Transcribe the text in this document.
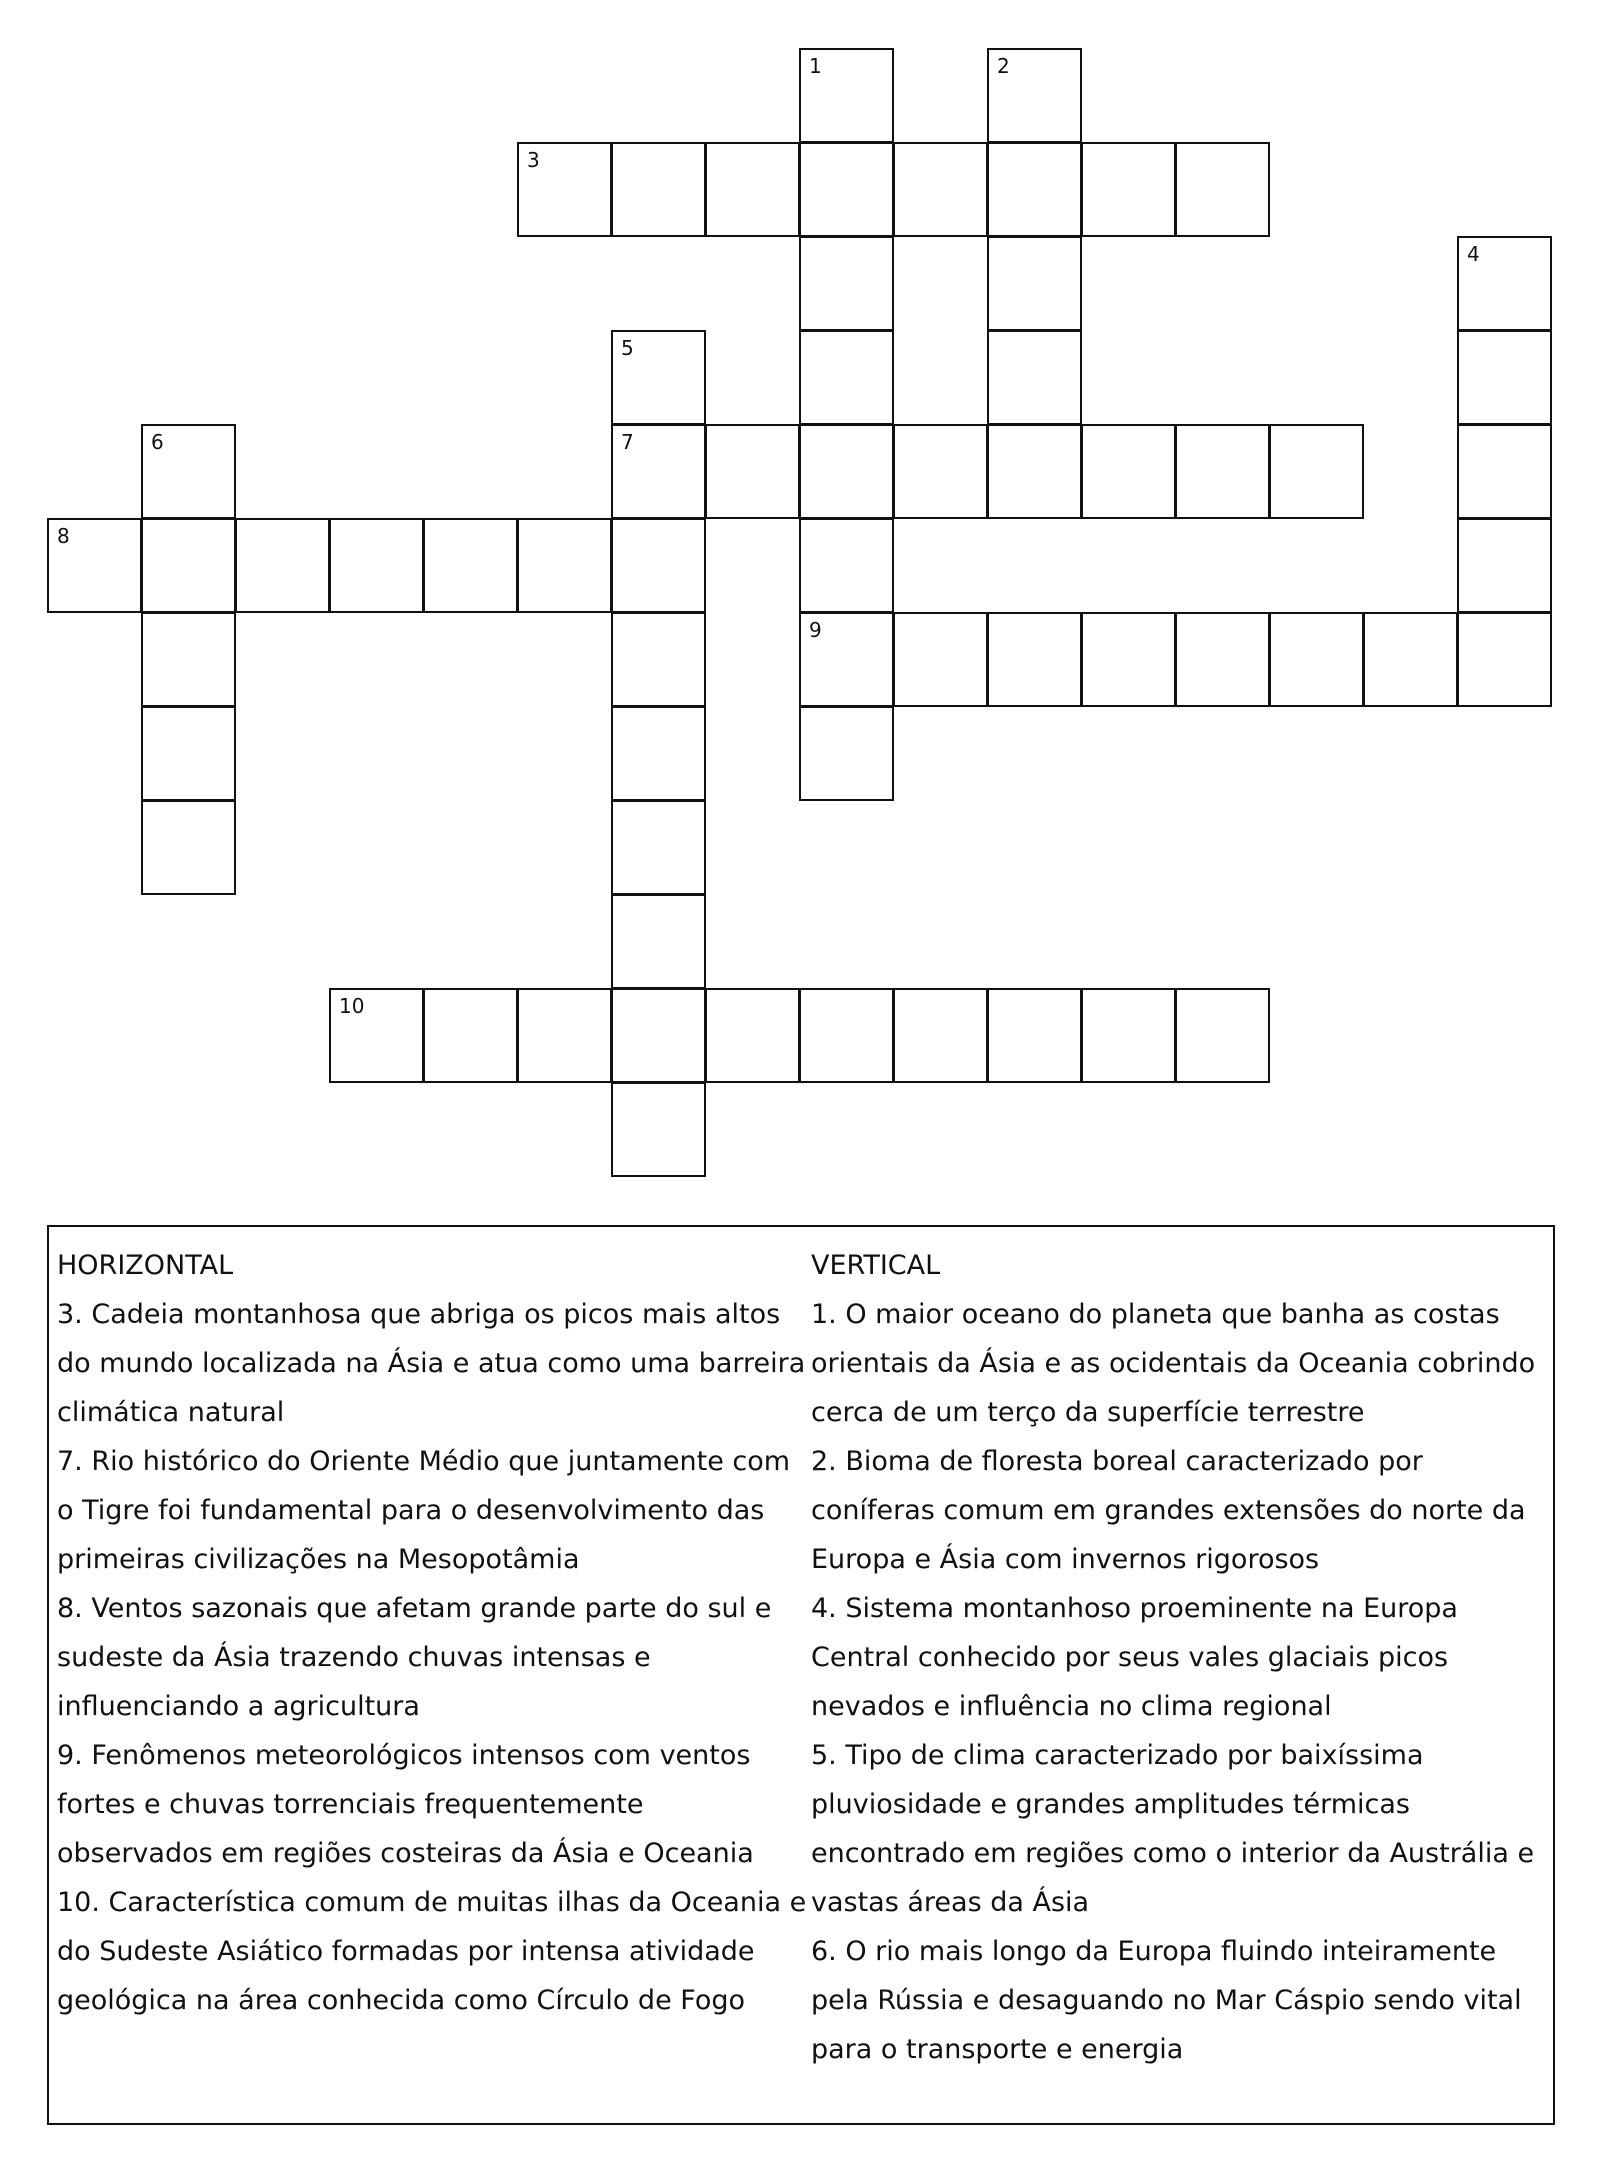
1	2
3
4
5
6	7
8
9
10

HORIZONTAL

3. Cadeia montanhosa que abriga os picos mais altos

do mundo localizada na Ásia e atua como uma barreira

climática natural

7. Rio histórico do Oriente Médio que juntamente com

o Tigre foi fundamental para o desenvolvimento das

primeiras civilizações na Mesopotâmia

8. Ventos sazonais que afetam grande parte do sul e

sudeste da Ásia trazendo chuvas intensas e

influenciando a agricultura

9. Fenômenos meteorológicos intensos com ventos

fortes e chuvas torrenciais frequentemente

observados em regiões costeiras da Ásia e Oceania

10. Característica comum de muitas ilhas da Oceania e

do Sudeste Asiático formadas por intensa atividade

geológica na área conhecida como Círculo de Fogo

VERTICAL

1. O maior oceano do planeta que banha as costas

orientais da Ásia e as ocidentais da Oceania cobrindo

cerca de um terço da superfície terrestre

2. Bioma de floresta boreal caracterizado por

coníferas comum em grandes extensões do norte da

Europa e Ásia com invernos rigorosos

4. Sistema montanhoso proeminente na Europa

Central conhecido por seus vales glaciais picos

nevados e influência no clima regional

5. Tipo de clima caracterizado por baixíssima

pluviosidade e grandes amplitudes térmicas

encontrado em regiões como o interior da Austrália e

vastas áreas da Ásia

6. O rio mais longo da Europa fluindo inteiramente

pela Rússia e desaguando no Mar Cáspio sendo vital

para o transporte e energia
